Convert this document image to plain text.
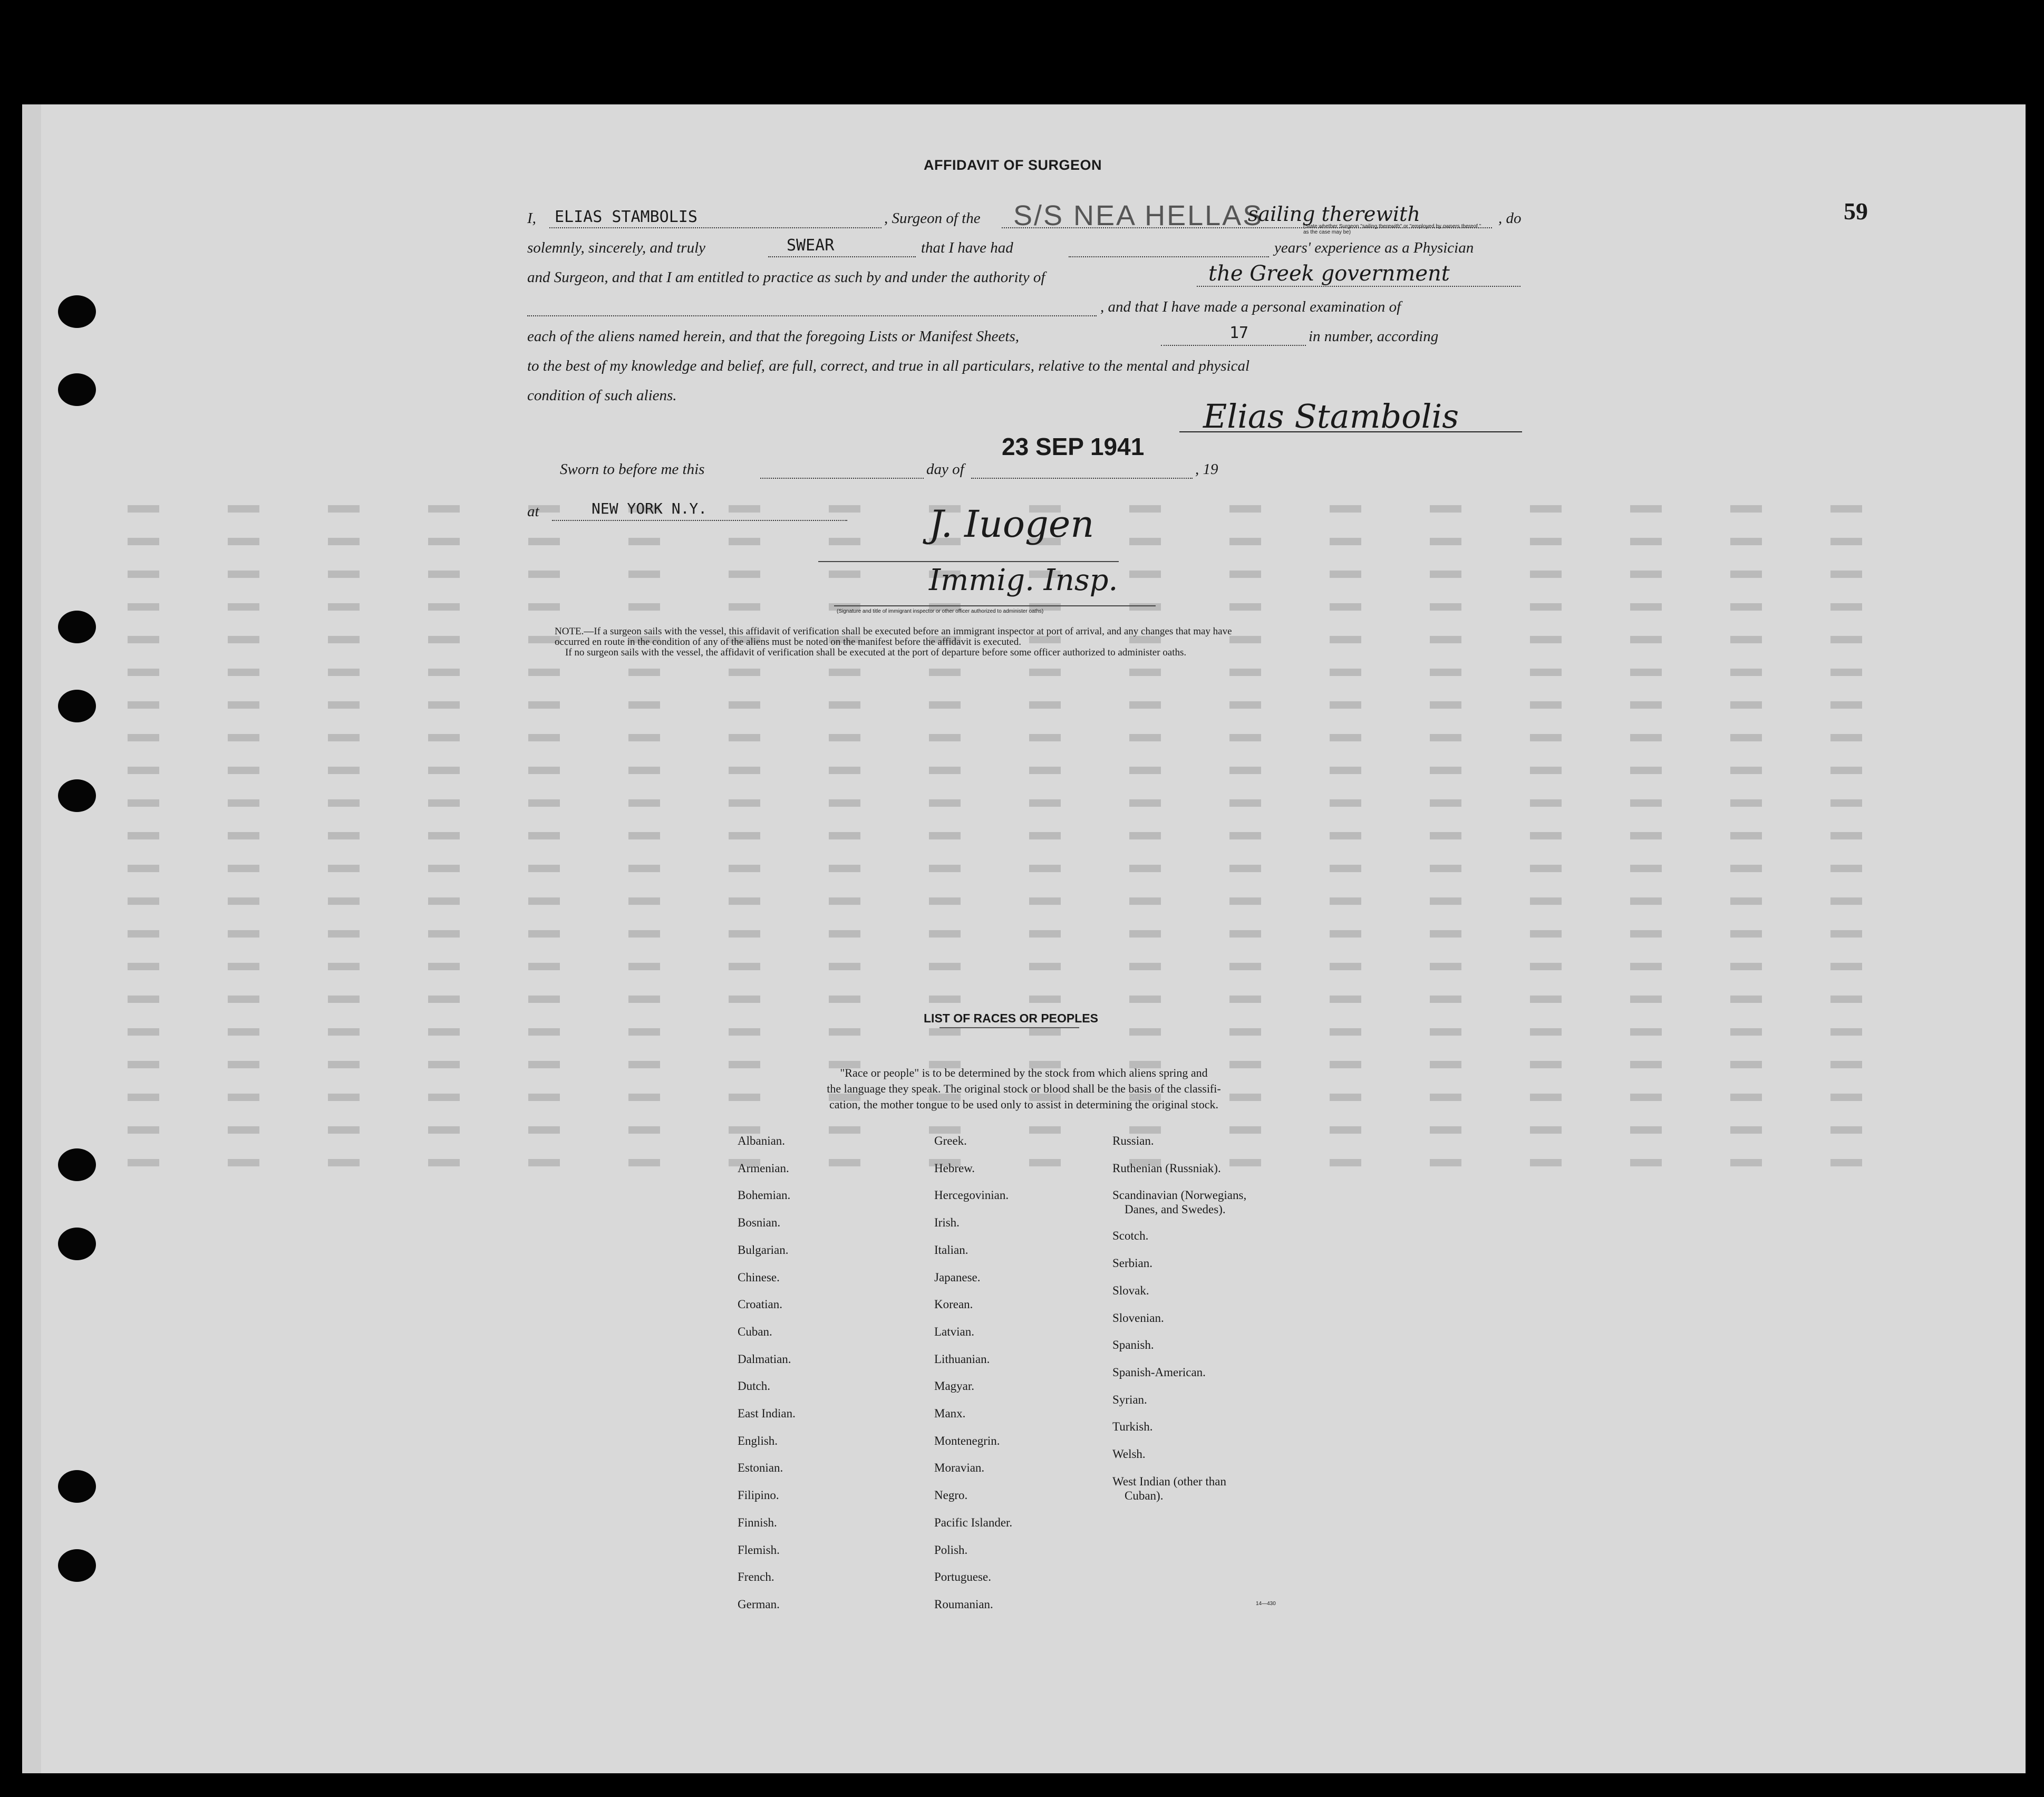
59
AFFIDAVIT OF SURGEON
I, ELIAS STAMBOLIS	, Surgeon of the S/S NEA HELLAS
sailing therewith
(State whether Surgeon "sailing therewith" or "employed by owners thereof," as the case may be)
, do
solemnly, sincerely, and truly	SWEAR	that I have had	years' experience as a Physician
and Surgeon, and that I am entitled to practice as such by and under the authority of	the Greek government
, and that I have made a personal examination of
each of the aliens named herein, and that the foregoing Lists or Manifest Sheets,	17	in number, according
to the best of my knowledge and belief, are full, correct, and true in all particulars, relative to the mental and physical
condition of such aliens.
Elias Stambolis
Sworn to before me this	day of
23 SEP 1941
, 19
at	NEW YORK N.Y.	J. Iuogen
Immig. Insp.
(Signature and title of immigrant inspector or other officer authorized to administer oaths)
NOTE.—If a surgeon sails with the vessel, this affidavit of verification shall be executed before an immigrant inspector at port of arrival, and any changes that may have
occurred en route in the condition of any of the aliens must be noted on the manifest before the affidavit is executed.
If no surgeon sails with the vessel, the affidavit of verification shall be executed at the port of departure before some officer authorized to administer oaths.
LIST OF RACES OR PEOPLES
"Race or people" is to be determined by the stock from which aliens spring and
the language they speak. The original stock or blood shall be the basis of the classifi-
cation, the mother tongue to be used only to assist in determining the original stock.
Albanian.
Armenian.
Bohemian.
Bosnian.
Bulgarian.
Chinese.
Croatian.
Cuban.
Dalmatian.
Dutch.
East Indian.
English.
Estonian.
Filipino.
Finnish.
Flemish.
French.
German.
Greek.
Hebrew.
Hercegovinian.
Irish.
Italian.
Japanese.
Korean.
Latvian.
Lithuanian.
Magyar.
Manx.
Montenegrin.
Moravian.
Negro.
Pacific Islander.
Polish.
Portuguese.
Roumanian.
Russian.
Ruthenian (Russniak).
Scandinavian (Norwegians,
Danes, and Swedes).
Scotch.
Serbian.
Slovak.
Slovenian.
Spanish.
Spanish-American.
Syrian.
Turkish.
Welsh.
West Indian (other than
Cuban).
14—430
